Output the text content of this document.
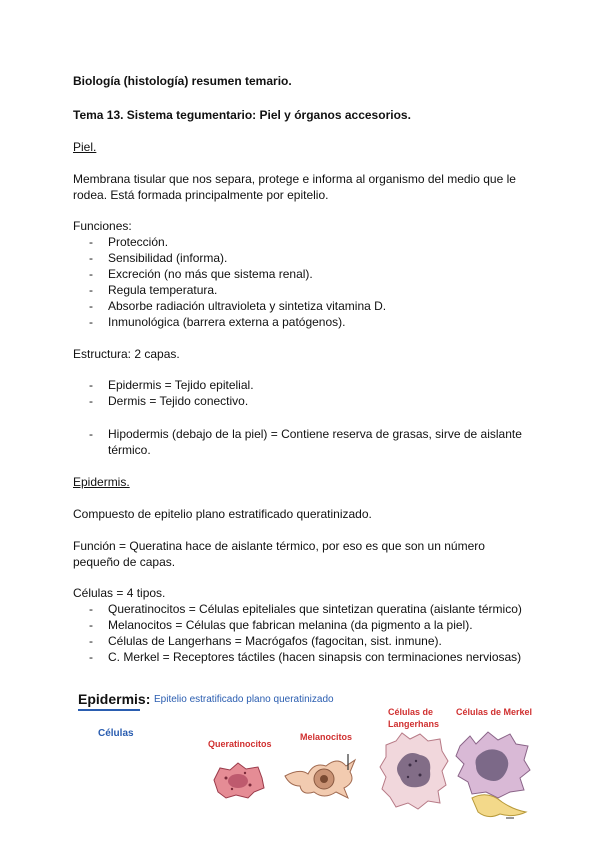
Biología (histología) resumen temario.
Tema 13. Sistema tegumentario: Piel y órganos accesorios.
Piel.
Membrana tisular que nos separa, protege e informa al organismo del medio que le
rodea. Está formada principalmente por epitelio.
Funciones:
- Protección.
- Sensibilidad (informa).
- Excreción (no más que sistema renal).
- Regula temperatura.
- Absorbe radiación ultravioleta y sintetiza vitamina D.
- Inmunológica (barrera externa a patógenos).
Estructura: 2 capas.
- Epidermis = Tejido epitelial.
- Dermis = Tejido conectivo.
- Hipodermis (debajo de la piel) = Contiene reserva de grasas, sirve de aislante
térmico.
Epidermis.
Compuesto de epitelio plano estratificado queratinizado.
Función = Queratina hace de aislante térmico, por eso es que son un número
pequeño de capas.
Células = 4 tipos.
- Queratinocitos = Células epiteliales que sintetizan queratina (aislante térmico)
- Melanocitos = Células que fabrican melanina (da pigmento a la piel).
- Células de Langerhans = Macrógafos (fagocitan, sist. inmune).
- C. Merkel = Receptores táctiles (hacen sinapsis con terminaciones nerviosas)
Epidermis: Epitelio estratificado plano queratinizado
Células
Queratinocitos
Melanocitos
Células de
Langerhans
Células de Merkel
